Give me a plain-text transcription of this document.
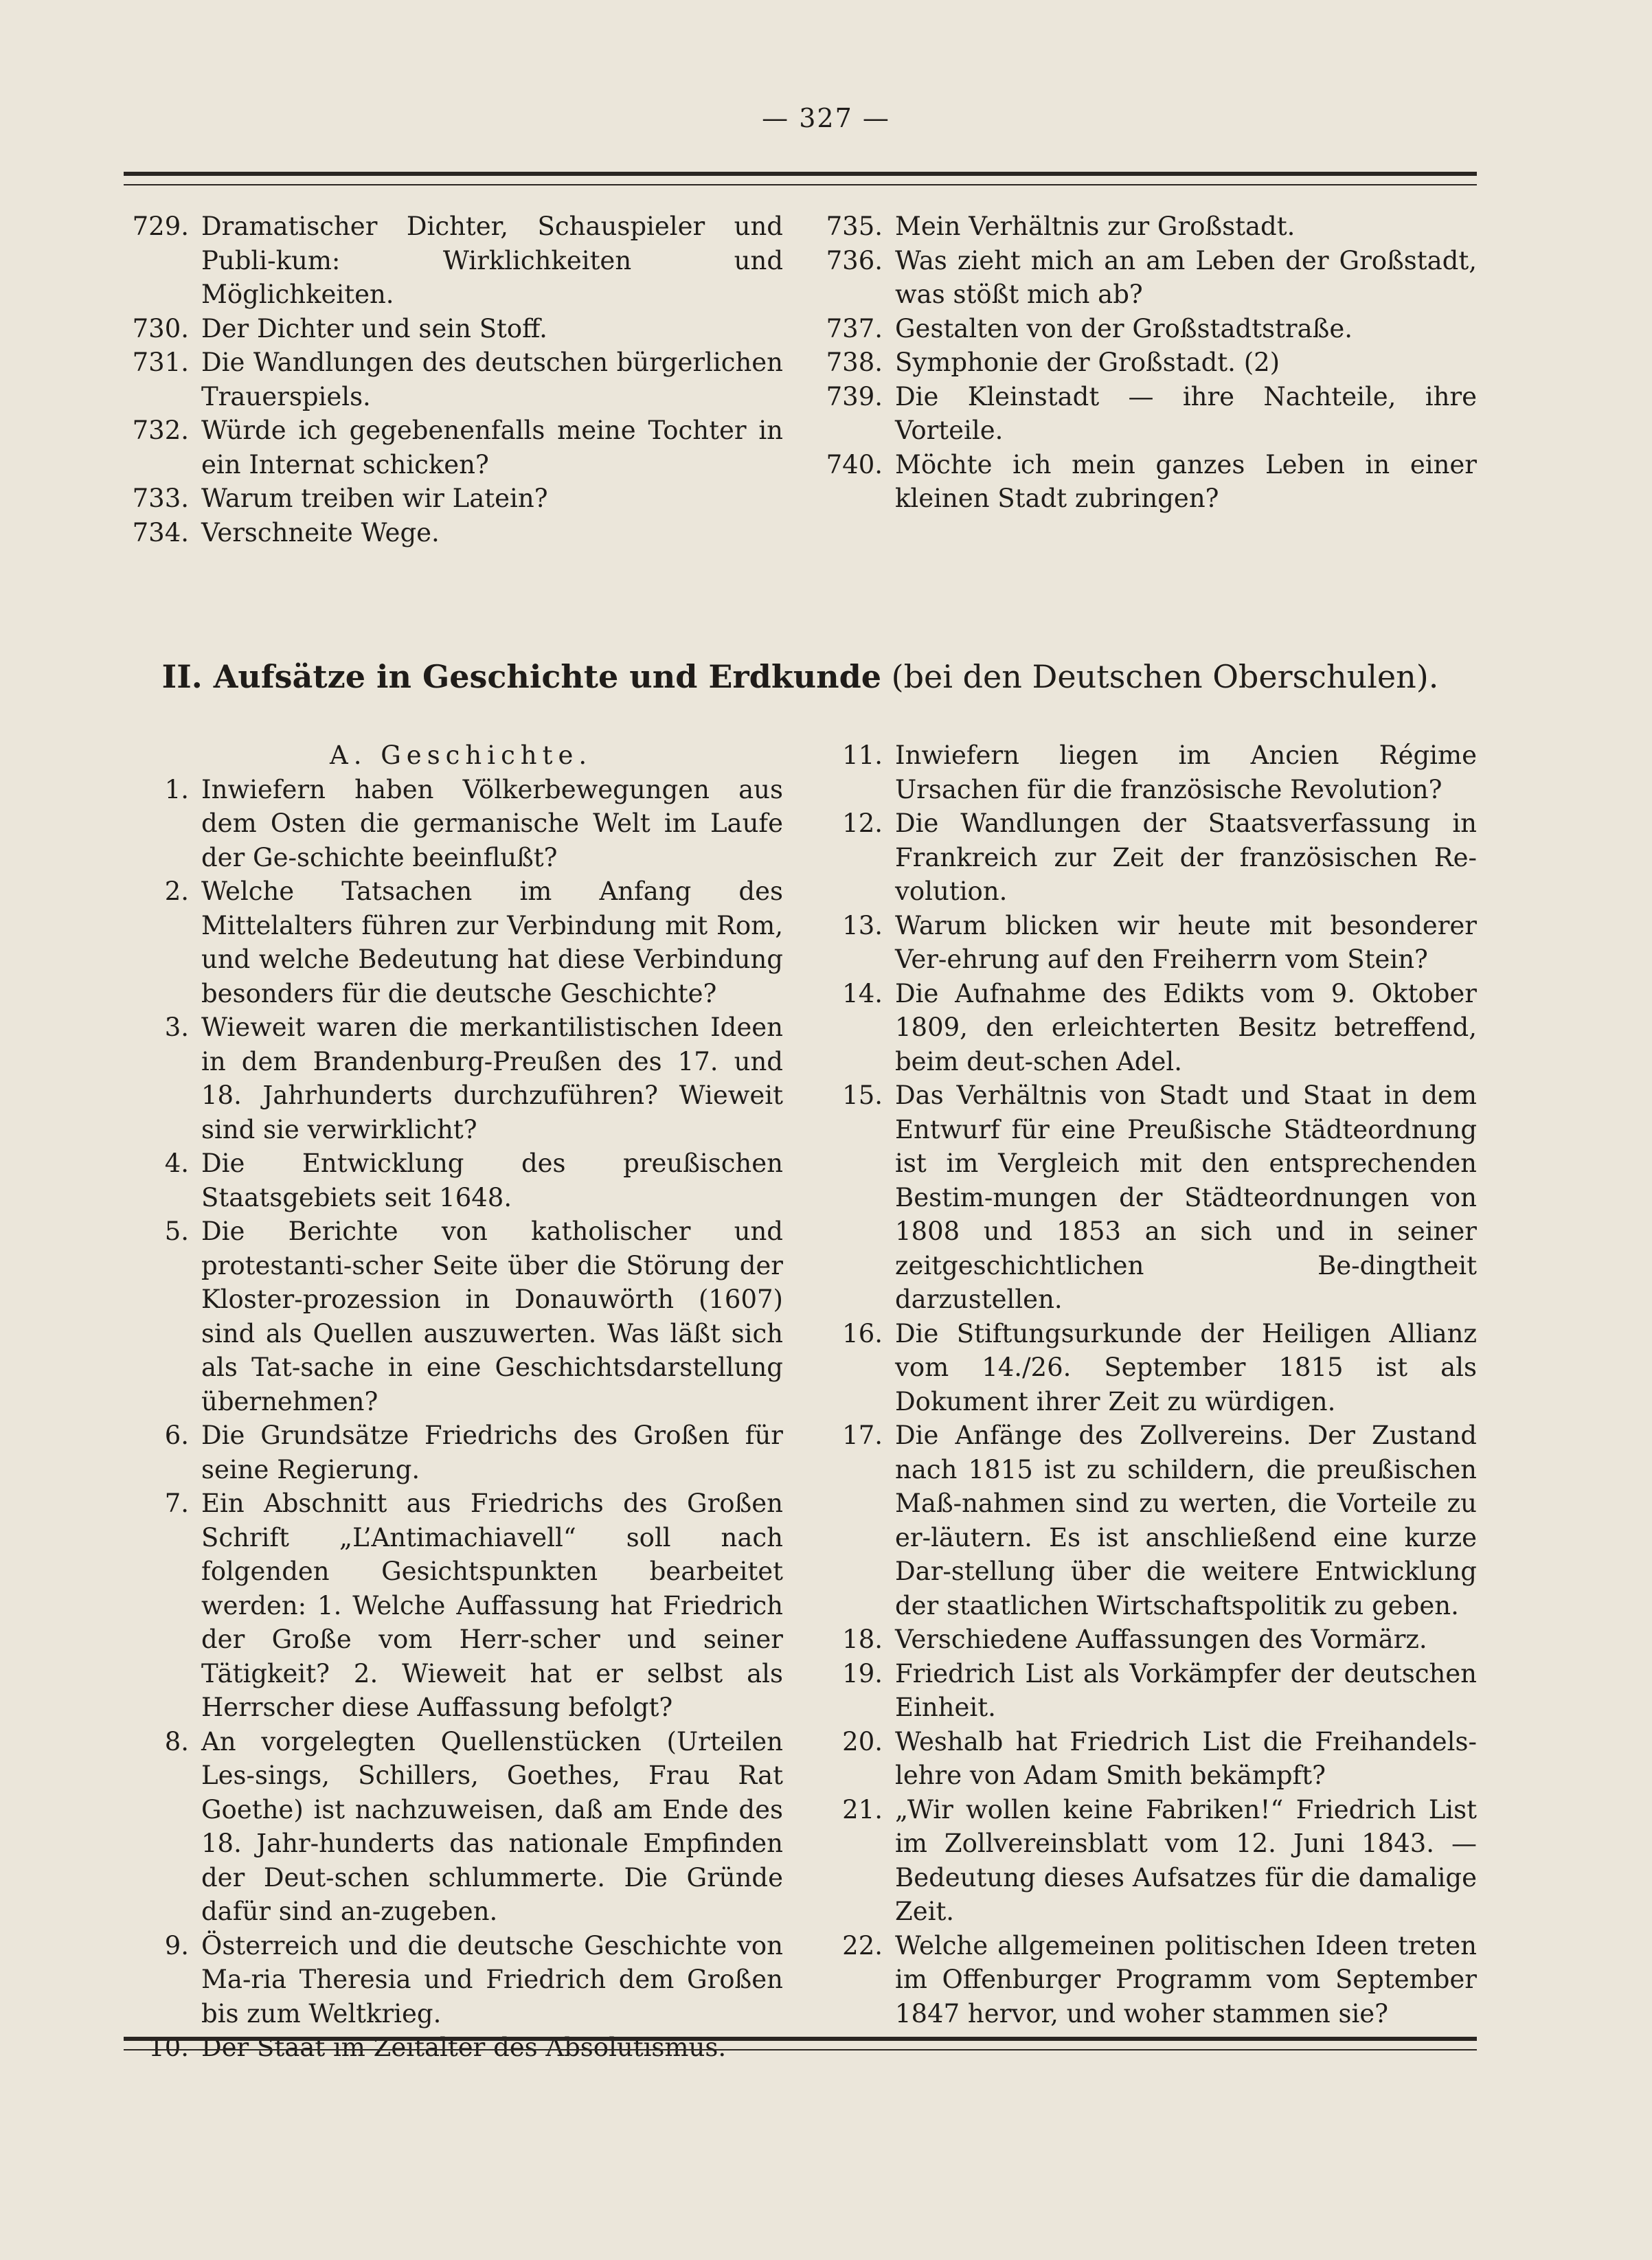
— 327 —
729. Dramatischer Dichter, Schauspieler und Publi-kum: Wirklichkeiten und Möglichkeiten.
730. Der Dichter und sein Stoff.
731. Die Wandlungen des deutschen bürgerlichen Trauerspiels.
732. Würde ich gegebenenfalls meine Tochter in ein Internat schicken?
733. Warum treiben wir Latein?
734. Verschneite Wege.
735. Mein Verhältnis zur Großstadt.
736. Was zieht mich an am Leben der Großstadt, was stößt mich ab?
737. Gestalten von der Großstadtstraße.
738. Symphonie der Großstadt. (2)
739. Die Kleinstadt — ihre Nachteile, ihre Vorteile.
740. Möchte ich mein ganzes Leben in einer kleinen Stadt zubringen?
II. Aufsätze in Geschichte und Erdkunde (bei den Deutschen Oberschulen).
A. Geschichte.
1. Inwiefern haben Völkerbewegungen aus dem Osten die germanische Welt im Laufe der Ge-schichte beeinflußt?
2. Welche Tatsachen im Anfang des Mittelalters führen zur Verbindung mit Rom, und welche Bedeutung hat diese Verbindung besonders für die deutsche Geschichte?
3. Wieweit waren die merkantilistischen Ideen in dem Brandenburg-Preußen des 17. und 18. Jahrhunderts durchzuführen? Wieweit sind sie verwirklicht?
4. Die Entwicklung des preußischen Staatsgebiets seit 1648.
5. Die Berichte von katholischer und protestanti-scher Seite über die Störung der Kloster-prozession in Donauwörth (1607) sind als Quellen auszuwerten. Was läßt sich als Tat-sache in eine Geschichtsdarstellung übernehmen?
6. Die Grundsätze Friedrichs des Großen für seine Regierung.
7. Ein Abschnitt aus Friedrichs des Großen Schrift „L’Antimachiavell“ soll nach folgenden Gesichtspunkten bearbeitet werden: 1. Welche Auffassung hat Friedrich der Große vom Herr-scher und seiner Tätigkeit? 2. Wieweit hat er selbst als Herrscher diese Auffassung befolgt?
8. An vorgelegten Quellenstücken (Urteilen Les-sings, Schillers, Goethes, Frau Rat Goethe) ist nachzuweisen, daß am Ende des 18. Jahr-hunderts das nationale Empfinden der Deut-schen schlummerte. Die Gründe dafür sind an-zugeben.
9. Österreich und die deutsche Geschichte von Ma-ria Theresia und Friedrich dem Großen bis zum Weltkrieg.
10. Der Staat im Zeitalter des Absolutismus.
11. Inwiefern liegen im Ancien Régime Ursachen für die französische Revolution?
12. Die Wandlungen der Staatsverfassung in Frankreich zur Zeit der französischen Re-volution.
13. Warum blicken wir heute mit besonderer Ver-ehrung auf den Freiherrn vom Stein?
14. Die Aufnahme des Edikts vom 9. Oktober 1809, den erleichterten Besitz betreffend, beim deut-schen Adel.
15. Das Verhältnis von Stadt und Staat in dem Entwurf für eine Preußische Städteordnung ist im Vergleich mit den entsprechenden Bestim-mungen der Städteordnungen von 1808 und 1853 an sich und in seiner zeitgeschichtlichen Be-dingtheit darzustellen.
16. Die Stiftungsurkunde der Heiligen Allianz vom 14./26. September 1815 ist als Dokument ihrer Zeit zu würdigen.
17. Die Anfänge des Zollvereins. Der Zustand nach 1815 ist zu schildern, die preußischen Maß-nahmen sind zu werten, die Vorteile zu er-läutern. Es ist anschließend eine kurze Dar-stellung über die weitere Entwicklung der staatlichen Wirtschaftspolitik zu geben.
18. Verschiedene Auffassungen des Vormärz.
19. Friedrich List als Vorkämpfer der deutschen Einheit.
20. Weshalb hat Friedrich List die Freihandels-lehre von Adam Smith bekämpft?
21. „Wir wollen keine Fabriken!“ Friedrich List im Zollvereinsblatt vom 12. Juni 1843. — Bedeutung dieses Aufsatzes für die damalige Zeit.
22. Welche allgemeinen politischen Ideen treten im Offenburger Programm vom September 1847 hervor, und woher stammen sie?
